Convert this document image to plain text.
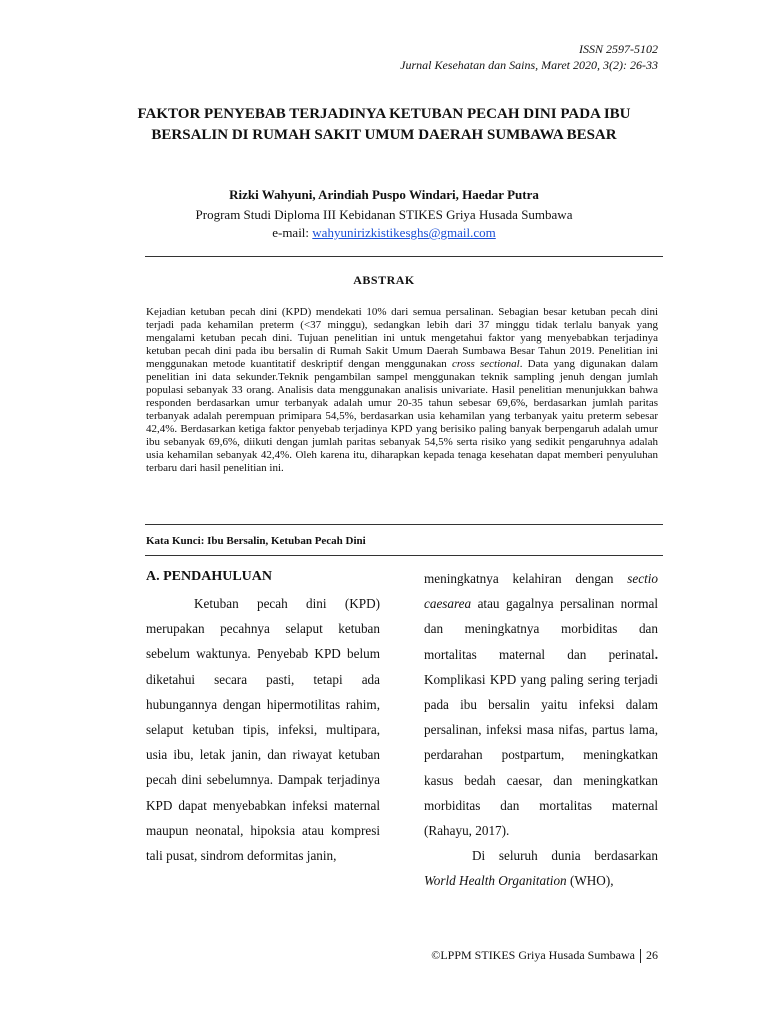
ISSN 2597-5102
Jurnal Kesehatan dan Sains, Maret 2020, 3(2): 26-33
FAKTOR PENYEBAB TERJADINYA KETUBAN PECAH DINI PADA IBU BERSALIN DI RUMAH SAKIT UMUM DAERAH SUMBAWA BESAR
Rizki Wahyuni, Arindiah Puspo Windari, Haedar Putra
Program Studi Diploma III Kebidanan STIKES Griya Husada Sumbawa
e-mail: wahyunirizkistikesghs@gmail.com
ABSTRAK
Kejadian ketuban pecah dini (KPD) mendekati 10% dari semua persalinan. Sebagian besar ketuban pecah dini terjadi pada kehamilan preterm (<37 minggu), sedangkan lebih dari 37 minggu tidak terlalu banyak yang mengalami ketuban pecah dini. Tujuan penelitian ini untuk mengetahui faktor yang menyebabkan terjadinya ketuban pecah dini pada ibu bersalin di Rumah Sakit Umum Daerah Sumbawa Besar Tahun 2019. Penelitian ini menggunakan metode kuantitatif deskriptif dengan menggunakan cross sectional. Data yang digunakan dalam penelitian ini data sekunder.Teknik pengambilan sampel menggunakan teknik sampling jenuh dengan jumlah populasi sebanyak 33 orang. Analisis data menggunakan analisis univariate. Hasil penelitian menunjukkan bahwa responden berdasarkan umur terbanyak adalah umur 20-35 tahun sebesar 69,6%, berdasarkan jumlah paritas terbanyak adalah perempuan primipara 54,5%, berdasarkan usia kehamilan yang terbanyak yaitu preterm sebesar 42,4%. Berdasarkan ketiga faktor penyebab terjadinya KPD yang berisiko paling banyak berpengaruh adalah umur ibu sebanyak 69,6%, diikuti dengan jumlah paritas sebanyak 54,5% serta risiko yang sedikit pengaruhnya adalah usia kehamilan sebanyak 42,4%. Oleh karena itu, diharapkan kepada tenaga kesehatan dapat memberi penyuluhan terbaru dari hasil penelitian ini.
Kata Kunci: Ibu Bersalin, Ketuban Pecah Dini

A. PENDAHULUAN

Ketuban pecah dini (KPD) merupakan pecahnya selaput ketuban sebelum waktunya. Penyebab KPD belum diketahui secara pasti, tetapi ada hubungannya dengan hipermotilitas rahim, selaput ketuban tipis, infeksi, multipara, usia ibu, letak janin, dan riwayat ketuban pecah dini sebelumnya. Dampak terjadinya KPD dapat menyebabkan infeksi maternal maupun neonatal, hipoksia atau kompresi tali pusat, sindrom deformitas janin,

meningkatnya kelahiran dengan sectio caesarea atau gagalnya persalinan normal dan meningkatnya morbiditas dan mortalitas maternal dan perinatal. Komplikasi KPD yang paling sering terjadi pada ibu bersalin yaitu infeksi dalam persalinan, infeksi masa nifas, partus lama, perdarahan postpartum, meningkatkan kasus bedah caesar, dan meningkatkan morbiditas dan mortalitas maternal (Rahayu, 2017).

Di seluruh dunia berdasarkan World Health Organitation (WHO),

©LPPM STIKES Griya Husada Sumbawa 26
